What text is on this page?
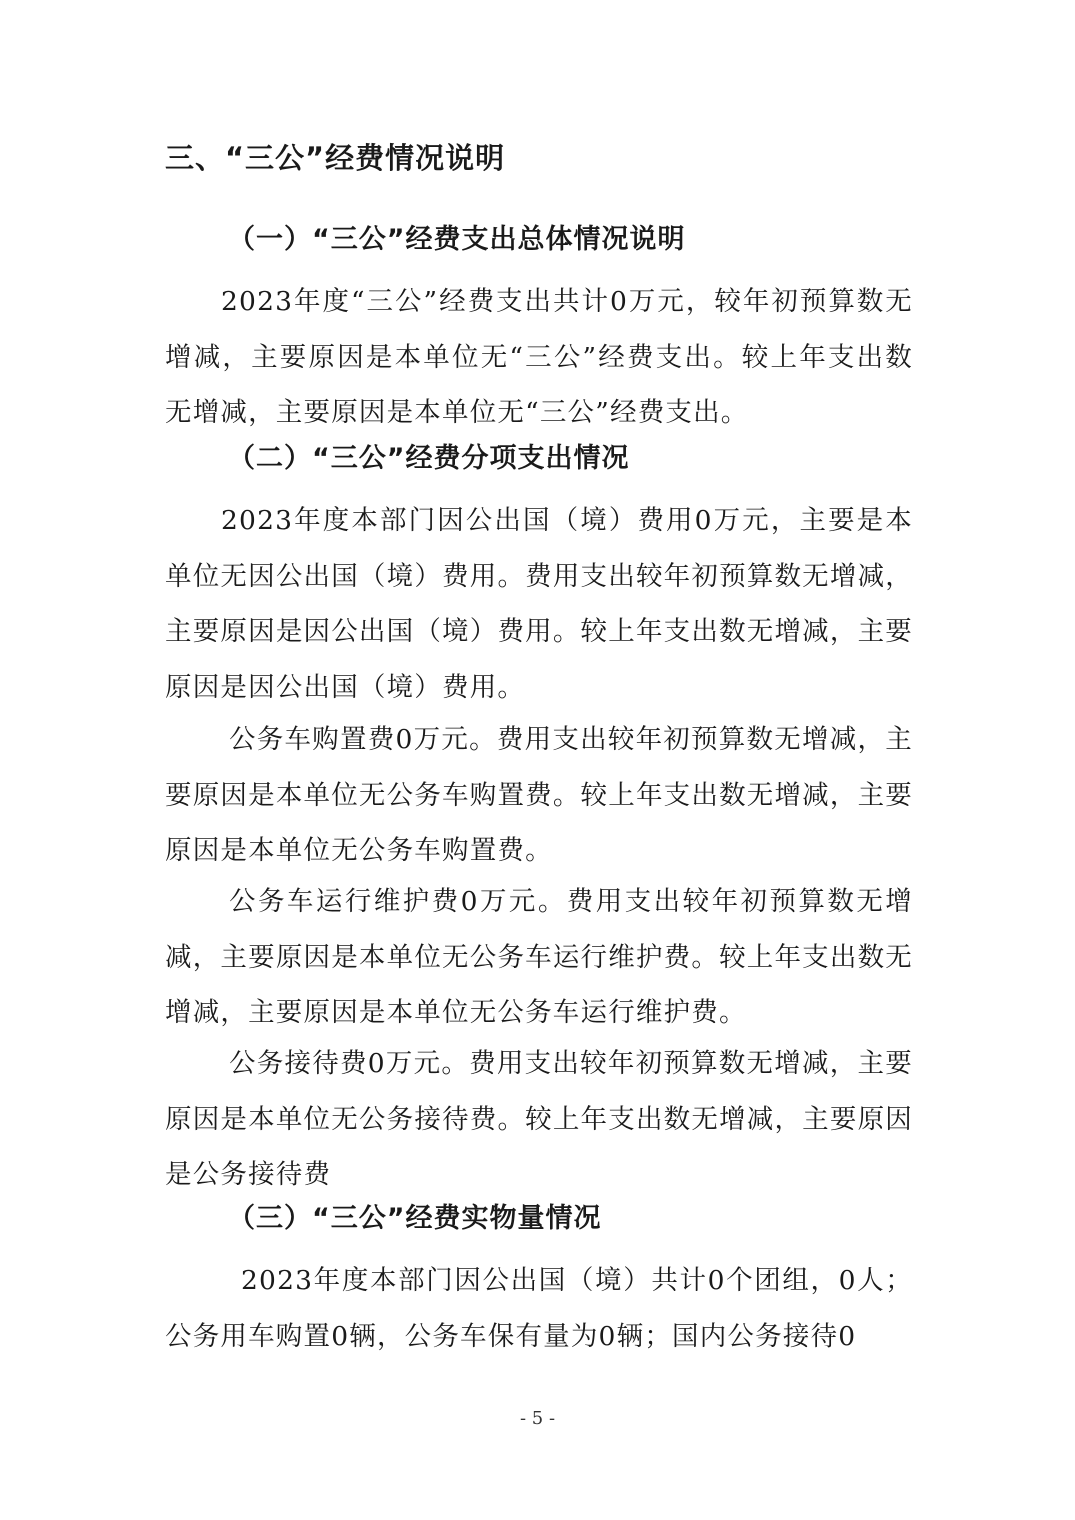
三、“三公”经费情况说明
（一）“三公”经费支出总体情况说明
2023年度“三公”经费支出共计0万元，较年初预算数无增减，主要原因是本单位无“三公”经费支出。较上年支出数无增减，主要原因是本单位无“三公”经费支出。
（二）“三公”经费分项支出情况
2023年度本部门因公出国（境）费用0万元，主要是本单位无因公出国（境）费用。费用支出较年初预算数无增减，主要原因是因公出国（境）费用。较上年支出数无增减，主要原因是因公出国（境）费用。
公务车购置费0万元。费用支出较年初预算数无增减，主要原因是本单位无公务车购置费。较上年支出数无增减，主要原因是本单位无公务车购置费。
公务车运行维护费0万元。费用支出较年初预算数无增减，主要原因是本单位无公务车运行维护费。较上年支出数无增减，主要原因是本单位无公务车运行维护费。
公务接待费0万元。费用支出较年初预算数无增减，主要原因是本单位无公务接待费。较上年支出数无增减，主要原因是公务接待费
（三）“三公”经费实物量情况
2023年度本部门因公出国（境）共计0个团组，0人；公务用车购置0辆，公务车保有量为0辆；国内公务接待0
- 5 -
